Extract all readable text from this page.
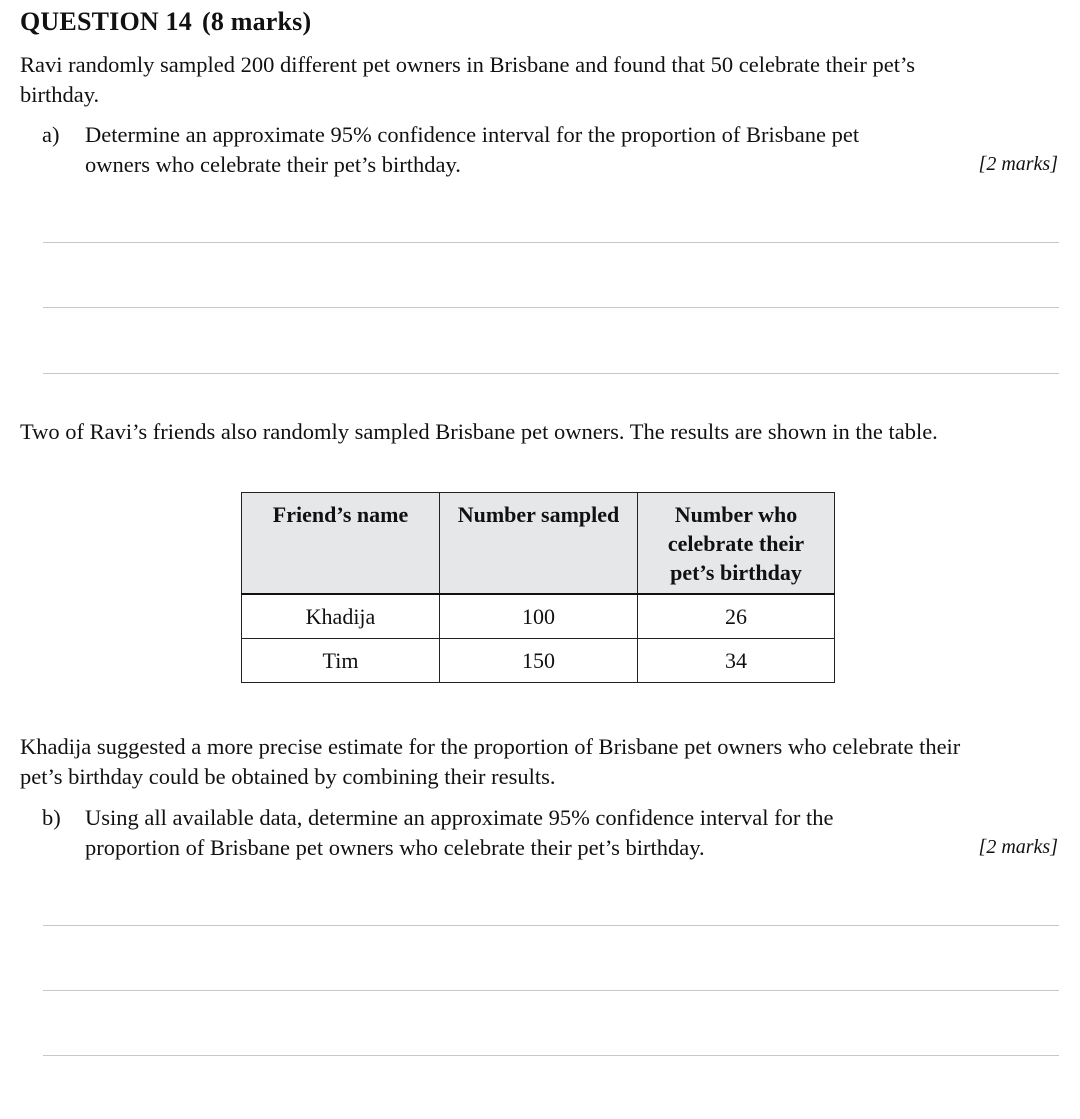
QUESTION 14 (8 marks)
Ravi randomly sampled 200 different pet owners in Brisbane and found that 50 celebrate their pet’s
birthday.
a) Determine an approximate 95% confidence interval for the proportion of Brisbane pet
owners who celebrate their pet’s birthday.	[2 marks]
Two of Ravi’s friends also randomly sampled Brisbane pet owners. The results are shown in the table.
Friend’s name	Number sampled	Number who
celebrate their
pet’s birthday

Khadija	100	26
Tim	150	34
Khadija suggested a more precise estimate for the proportion of Brisbane pet owners who celebrate their
pet’s birthday could be obtained by combining their results.
b) Using all available data, determine an approximate 95% confidence interval for the
proportion of Brisbane pet owners who celebrate their pet’s birthday.	[2 marks]
